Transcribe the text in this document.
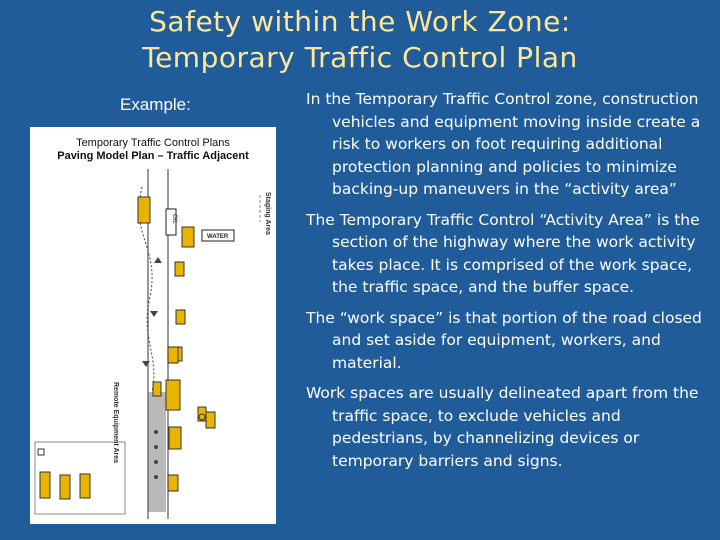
Safety within the Work Zone:
Temporary Traffic Control Plan
Example:
Staging Area
OIL
WATER
Remote Equipment Area
Temporary Traffic Control Plans
Paving Model Plan – Traffic Adjacent

In the Temporary Traffic Control zone, construction vehicles and equipment moving inside create a risk to workers on foot requiring additional protection planning and policies to minimize backing-up maneuvers in the “activity area”

The Temporary Traffic Control “Activity Area” is the section of the highway where the work activity takes place. It is comprised of the work space, the traffic space, and the buffer space.

The “work space” is that portion of the road closed and set aside for equipment, workers, and material.

Work spaces are usually delineated apart from the traffic space, to exclude vehicles and pedestrians, by channelizing devices or temporary barriers and signs.
